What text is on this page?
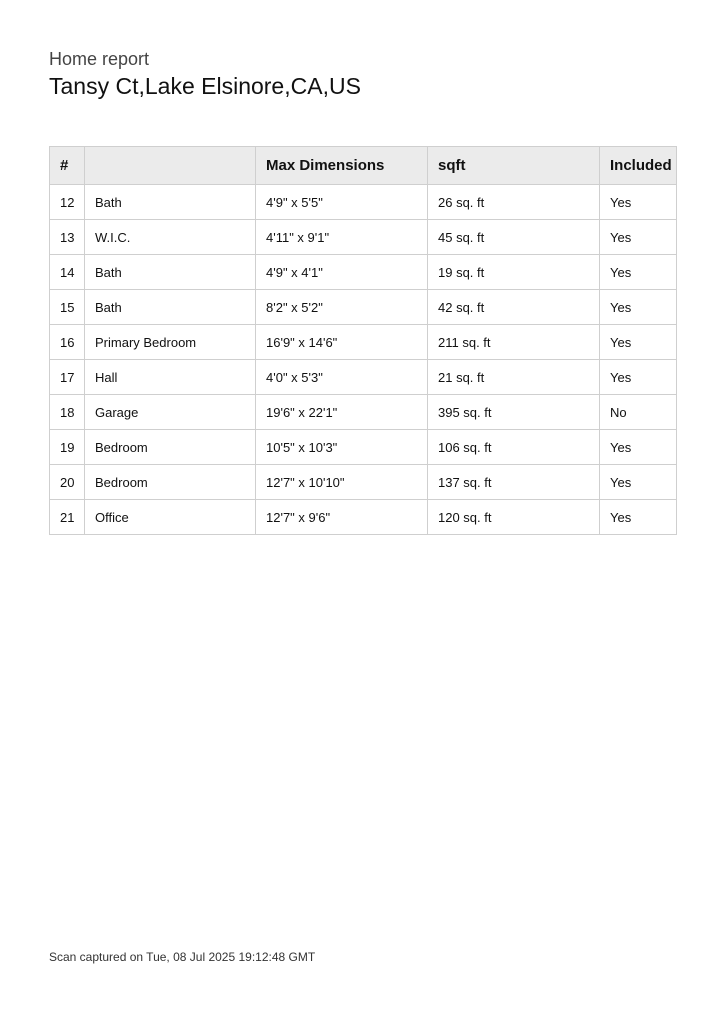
Home report
Tansy Ct,Lake Elsinore,CA,US
#		Max Dimensions	sqft	Included
12	Bath	4'9" x 5'5"	26 sq. ft	Yes
13	W.I.C.	4'11" x 9'1"	45 sq. ft	Yes
14	Bath	4'9" x 4'1"	19 sq. ft	Yes
15	Bath	8'2" x 5'2"	42 sq. ft	Yes
16	Primary Bedroom	16'9" x 14'6"	211 sq. ft	Yes
17	Hall	4'0" x 5'3"	21 sq. ft	Yes
18	Garage	19'6" x 22'1"	395 sq. ft	No
19	Bedroom	10'5" x 10'3"	106 sq. ft	Yes
20	Bedroom	12'7" x 10'10"	137 sq. ft	Yes
21	Office	12'7" x 9'6"	120 sq. ft	Yes
Scan captured on Tue, 08 Jul 2025 19:12:48 GMT
